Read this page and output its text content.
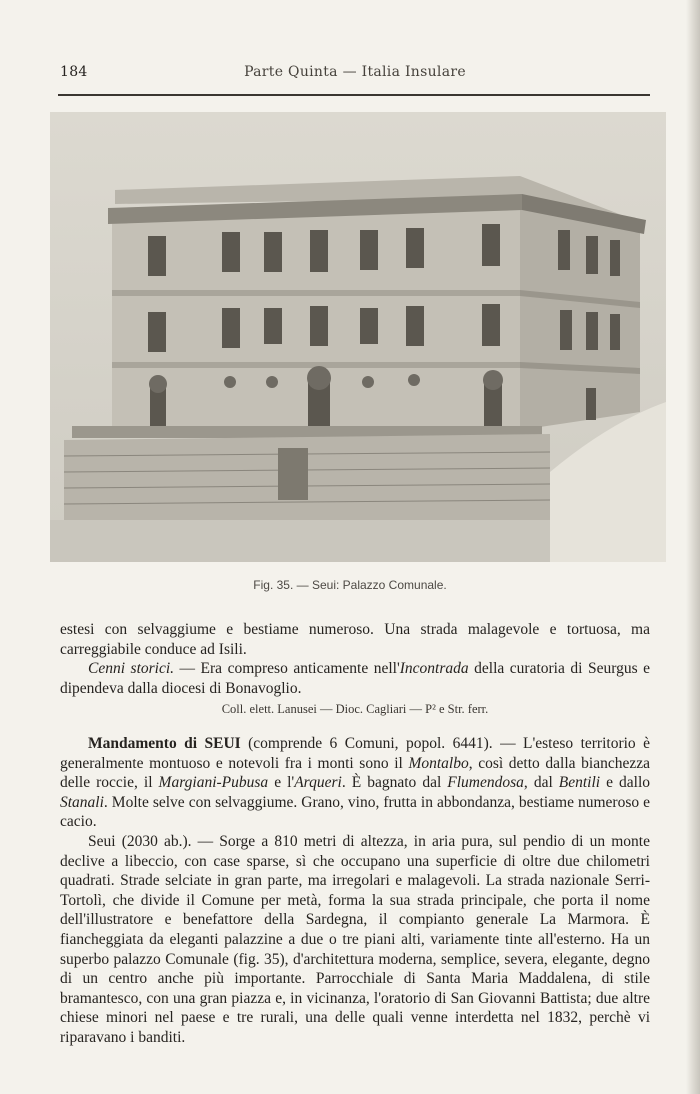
184	Parte Quinta — Italia Insulare
Fig. 35. — Seui: Palazzo Comunale.

estesi con selvaggiume e bestiame numeroso. Una strada malagevole e tortuosa, ma carreggiabile conduce ad Isili.

Cenni storici. — Era compreso anticamente nell'Incontrada della curatoria di Seurgus e dipendeva dalla diocesi di Bonavoglio.

Coll. elett. Lanusei — Dioc. Cagliari — P² e Str. ferr.

Mandamento di SEUI (comprende 6 Comuni, popol. 6441). — L'esteso territorio è generalmente montuoso e notevoli fra i monti sono il Montalbo, così detto dalla bianchezza delle roccie, il Margiani-Pubusa e l'Arqueri. È bagnato dal Flumendosa, dal Bentili e dallo Stanali. Molte selve con selvaggiume. Grano, vino, frutta in abbondanza, bestiame numeroso e cacio.

Seui (2030 ab.). — Sorge a 810 metri di altezza, in aria pura, sul pendio di un monte declive a libeccio, con case sparse, sì che occupano una superficie di oltre due chilometri quadrati. Strade selciate in gran parte, ma irregolari e malagevoli. La strada nazionale Serri-Tortolì, che divide il Comune per metà, forma la sua strada principale, che porta il nome dell'illustratore e benefattore della Sardegna, il compianto generale La Marmora. È fiancheggiata da eleganti palazzine a due o tre piani alti, variamente tinte all'esterno. Ha un superbo palazzo Comunale (fig. 35), d'architettura moderna, semplice, severa, elegante, degno di un centro anche più importante. Parrocchiale di Santa Maria Maddalena, di stile bramantesco, con una gran piazza e, in vicinanza, l'oratorio di San Giovanni Battista; due altre chiese minori nel paese e tre rurali, una delle quali venne interdetta nel 1832, perchè vi riparavano i banditi.
